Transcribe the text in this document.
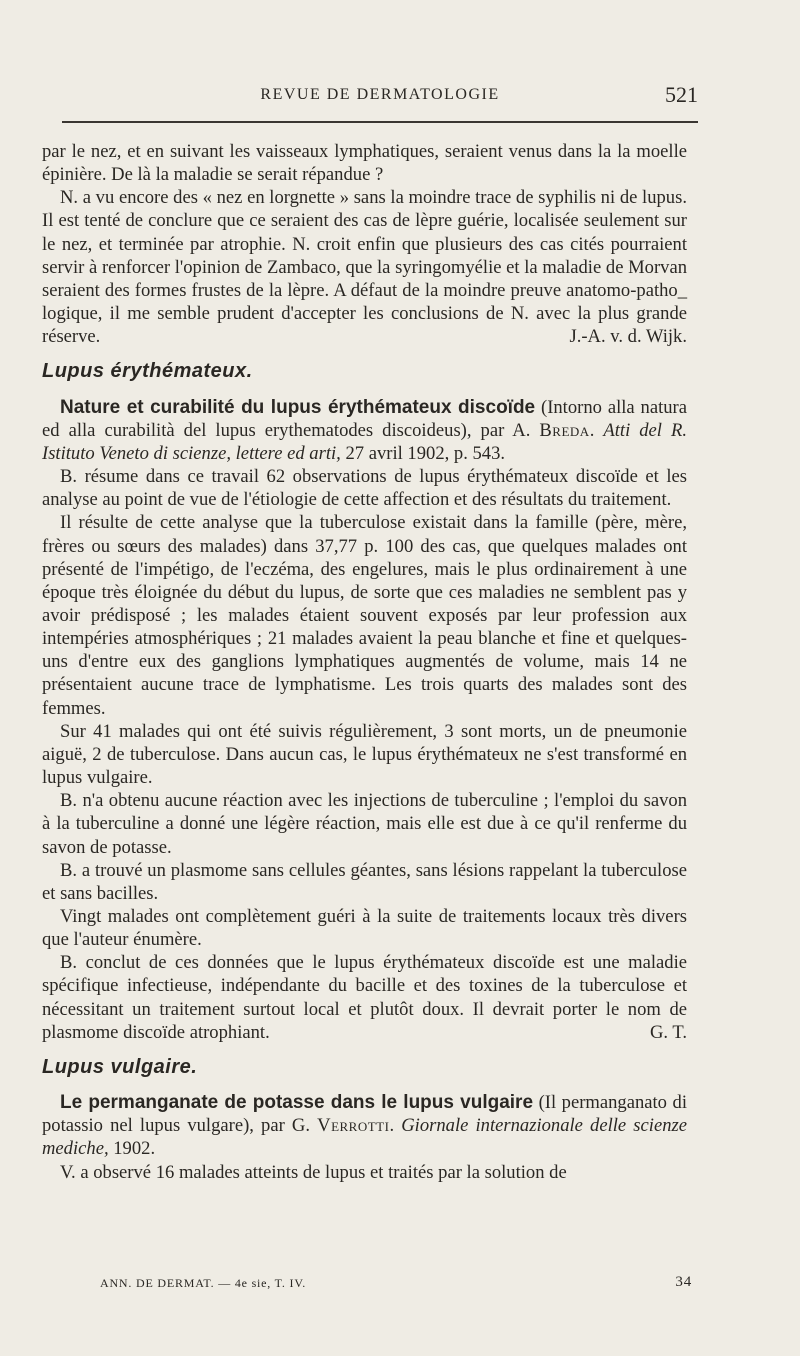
REVUE DE DERMATOLOGIE	521

par le nez, et en suivant les vaisseaux lymphatiques, seraient venus dans la la moelle épinière. De là la maladie se serait répandue ?

N. a vu encore des « nez en lorgnette » sans la moindre trace de syphilis ni de lupus. Il est tenté de conclure que ce seraient des cas de lèpre guérie, localisée seulement sur le nez, et terminée par atrophie. N. croit enfin que plusieurs des cas cités pourraient servir à renforcer l'opinion de Zambaco, que la syringomyélie et la maladie de Morvan seraient des formes frustes de la lèpre. A défaut de la moindre preuve anatomo-patho_ logique, il me semble prudent d'accepter les conclusions de N. avec la plus grande réserve.	J.-A. v. d. Wijk.

Lupus érythémateux.

Nature et curabilité du lupus érythémateux discoïde (Intorno alla natura ed alla curabilità del lupus erythematodes discoideus), par A. Breda. Atti del R. Istituto Veneto di scienze, lettere ed arti, 27 avril 1902, p. 543.

B. résume dans ce travail 62 observations de lupus érythémateux discoïde et les analyse au point de vue de l'étiologie de cette affection et des résultats du traitement.

Il résulte de cette analyse que la tuberculose existait dans la famille (père, mère, frères ou sœurs des malades) dans 37,77 p. 100 des cas, que quelques malades ont présenté de l'impétigo, de l'eczéma, des engelures, mais le plus ordinairement à une époque très éloignée du début du lupus, de sorte que ces maladies ne semblent pas y avoir prédisposé ; les malades étaient souvent exposés par leur profession aux intempéries atmosphériques ; 21 malades avaient la peau blanche et fine et quelques-uns d'entre eux des ganglions lymphatiques augmentés de volume, mais 14 ne présentaient aucune trace de lymphatisme. Les trois quarts des malades sont des femmes.

Sur 41 malades qui ont été suivis régulièrement, 3 sont morts, un de pneumonie aiguë, 2 de tuberculose. Dans aucun cas, le lupus érythémateux ne s'est transformé en lupus vulgaire.

B. n'a obtenu aucune réaction avec les injections de tuberculine ; l'emploi du savon à la tuberculine a donné une légère réaction, mais elle est due à ce qu'il renferme du savon de potasse.

B. a trouvé un plasmome sans cellules géantes, sans lésions rappelant la tuberculose et sans bacilles.

Vingt malades ont complètement guéri à la suite de traitements locaux très divers que l'auteur énumère.

B. conclut de ces données que le lupus érythémateux discoïde est une maladie spécifique infectieuse, indépendante du bacille et des toxines de la tuberculose et nécessitant un traitement surtout local et plutôt doux. Il devrait porter le nom de plasmome discoïde atrophiant.	G. T.

Lupus vulgaire.

Le permanganate de potasse dans le lupus vulgaire (Il permanganato di potassio nel lupus vulgare), par G. Verrotti. Giornale internazionale delle scienze mediche, 1902.

V. a observé 16 malades atteints de lupus et traités par la solution de

ANN. DE DERMAT. — 4e sie, T. IV.	34
